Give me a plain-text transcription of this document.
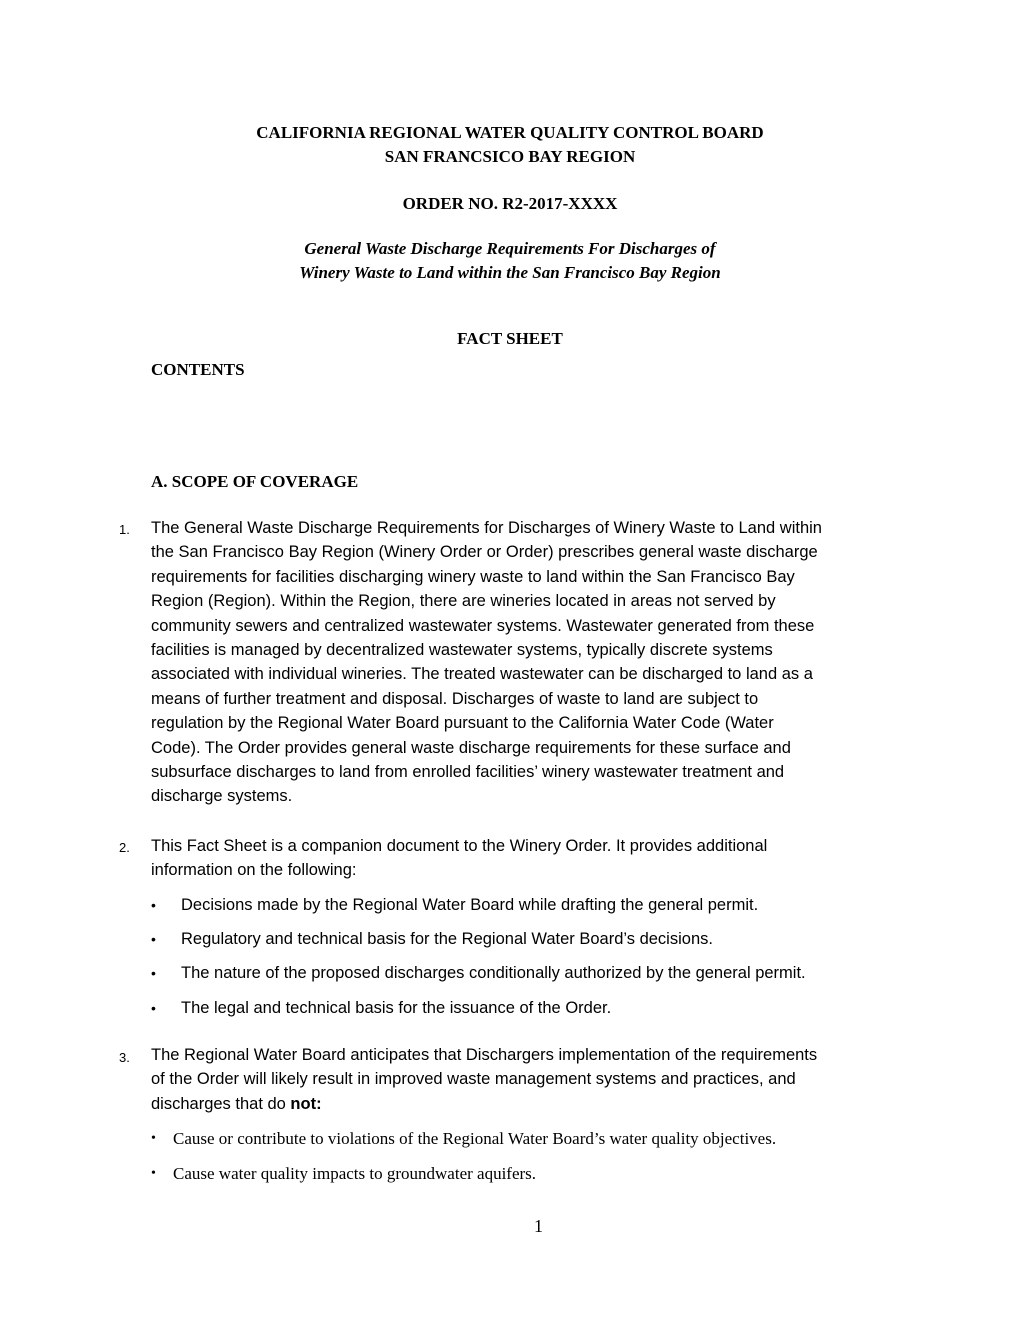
CALIFORNIA REGIONAL WATER QUALITY CONTROL BOARD
SAN FRANCSICO BAY REGION
ORDER NO. R2-2017-XXXX
General Waste Discharge Requirements For Discharges of
Winery Waste to Land within the San Francisco Bay Region
FACT SHEET
CONTENTS
A. SCOPE OF COVERAGE
1. The General Waste Discharge Requirements for Discharges of Winery Waste to Land within
the San Francisco Bay Region (Winery Order or Order) prescribes general waste discharge
requirements for facilities discharging winery waste to land within the San Francisco Bay
Region (Region). Within the Region, there are wineries located in areas not served by
community sewers and centralized wastewater systems. Wastewater generated from these
facilities is managed by decentralized wastewater systems, typically discrete systems
associated with individual wineries. The treated wastewater can be discharged to land as a
means of further treatment and disposal. Discharges of waste to land are subject to
regulation by the Regional Water Board pursuant to the California Water Code (Water
Code). The Order provides general waste discharge requirements for these surface and
subsurface discharges to land from enrolled facilities’ winery wastewater treatment and
discharge systems.
2. This Fact Sheet is a companion document to the Winery Order. It provides additional
information on the following:
•	Decisions made by the Regional Water Board while drafting the general permit.
•	Regulatory and technical basis for the Regional Water Board’s decisions.
•	The nature of the proposed discharges conditionally authorized by the general permit.
•	The legal and technical basis for the issuance of the Order.
3. The Regional Water Board anticipates that Dischargers implementation of the requirements
of the Order will likely result in improved waste management systems and practices, and
discharges that do not:
•	Cause or contribute to violations of the Regional Water Board’s water quality objectives.
•	Cause water quality impacts to groundwater aquifers.
1
